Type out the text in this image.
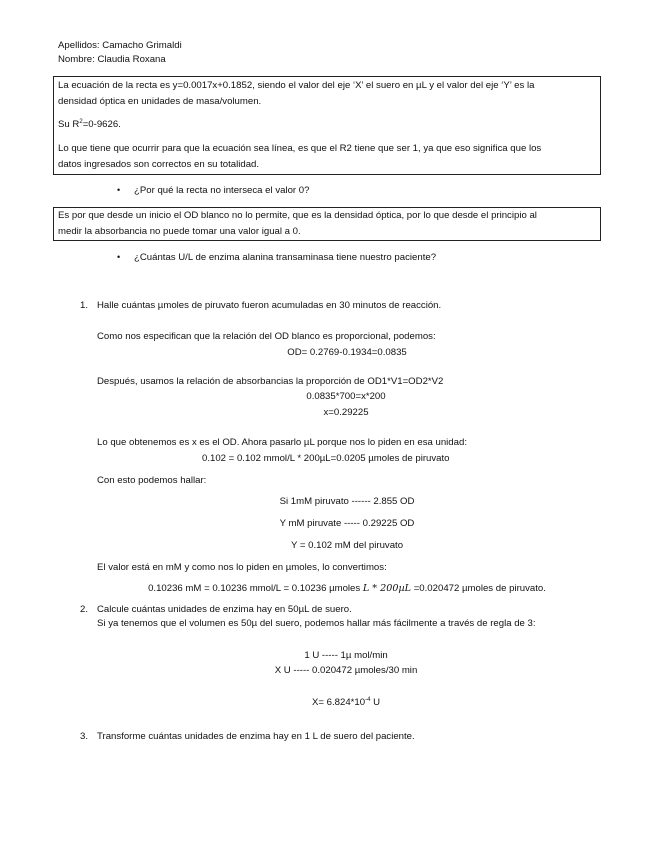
Apellidos: Camacho Grimaldi
Nombre: Claudia Roxana

La ecuación de la recta es y=0.0017x+0.1852, siendo el valor del eje ‘X’ el suero en µL y el valor del eje ‘Y’ es la

densidad óptica en unidades de masa/volumen.

Su $R^2=0-9626$.

Lo que tiene que ocurrir para que la ecuación sea línea, es que el R2 tiene que ser 1, ya que eso significa que los

datos ingresados son correctos en su totalidad.

• ¿Por qué la recta no interseca el valor 0?

Es por que desde un inicio el OD blanco no lo permite, que es la densidad óptica, por lo que desde el principio al

medir la absorbancia no puede tomar una valor igual a 0.

• ¿Cuántas U/L de enzima alanina transaminasa tiene nuestro paciente?
1. Halle cuántas µmoles de piruvato fueron acumuladas en 30 minutos de reacción.
Como nos especifican que la relación del OD blanco es proporcional, podemos:
OD= 0.2769-0.1934=0.0835
Después, usamos la relación de absorbancias la proporción de OD1*V1=OD2*V2
0.0835*700=x*200
x=0.29225
Lo que obtenemos es x es el OD. Ahora pasarlo µL porque nos lo piden en esa unidad:
0.102 = 0.102 mmol/L * 200µL=0.0205 µmoles de piruvato
Con esto podemos hallar:
Si 1mM piruvato ------ 2.855 OD
Y mM piruvate ----- 0.29225 OD
Y = 0.102 mM del piruvato
El valor está en mM y como nos lo piden en µmoles, lo convertimos:
0.10236 mM = 0.10236 mmol/L = 0.10236 µmoles L * 200µL =0.020472 µmoles de piruvato.
2. Calcule cuántas unidades de enzima hay en 50µL de suero.
Si ya tenemos que el volumen es 50µ del suero, podemos hallar más fácilmente a través de regla de 3:
1 U ----- 1µ mol/min
X U ----- 0.020472 µmoles/30 min
$X= 6.824*10^{-4}$ U
3. Transforme cuántas unidades de enzima hay en 1 L de suero del paciente.
